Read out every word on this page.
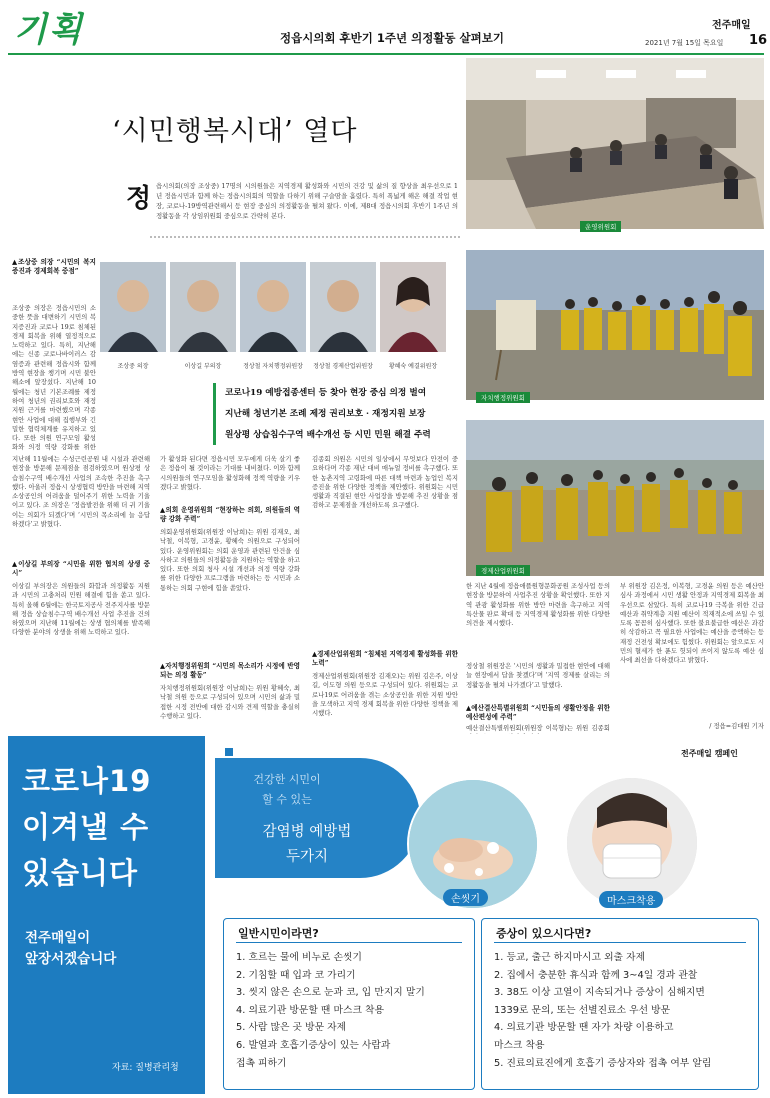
기획	정읍시의회 후반기 1주년 의정활동 살펴보기
전주매일
2021년 7월 15일 목요일 16
‘시민행복시대’ 열다
정 읍시의회(의장 조상중) 17명의 시의원들은 지역경제 활성화와 시민의 건강 및 삶의 질 향상을 최우선으로 1년 정읍시민과 함께 하는 정읍시의회의 역할을 다하기 위해 구슬땀을 흘렸다. 특히 폭넓게 해온 해결 작업 현장, 코로나-19방역관련해서 등 현장 중심의 의정활동을 펼쳐 왔다. 이에, 제8대 정읍시의회 후반기 1주년 의정활동을 각 상임위원회 중심으로 간략히 본다.
운영위원회
▲조상중 의장 “시민의 복지증진과 경제회복 중점”
조상중 의장은 정읍시민의 소중한 뜻을 대변하기 시민의 복지증진과 코로나 19로 침체된 경제 회복을 위해 열정적으로 노력하고 있다. 특히, 지난해에는 신종 코로나바이러스 감염증과 관련해 정읍시와 함께 방역 현장을 챙기며 시민 불안 해소에 앞장섰다. 지난해 10월에는 청년 기본조례를 제정하여 청년의 권리보호와 재정지원 근거를 마련했으며 각종 현안 사업에 대해 집행부와 긴밀한 협력체계를 유지하고 있다. 또한 의원 연구모임 활성화와 의정 역량 강화를 위한
지난해 11월에는 수성근린공원 내 시설과 관련해 현장을 방문해 문제점을 점검하였으며 원상평 상습침수구역 배수개선 사업의 조속한 추진을 촉구했다. 아울러 정읍시 상생협력 방안을 마련해 지역 소상공인의 어려움을 덜어주기 위한 노력을 기울이고 있다. 조 의장은 ‘정읍발전을 위해 더 귀 기울이는 의회가 되겠다’며 ‘시민의 목소리에 늘 응답하겠다’고 밝혔다.
▲이상길 부의장 “시민을 위한 협치의 상생 중시”
이상길 부의장은 의원들의 화합과 의정활동 지원과 시민의 고충처리 민원 해결에 힘을 쏟고 있다. 특히 올해 6월에는 한국토지공사 전주지사를 방문해 정읍 상습침수구역 배수개선 사업 추진을 건의하였으며 지난해 11월에는 상생 협의체를 발족해 다양한 분야의 상생을 위해 노력하고 있다.
조상중 의장	이상길 부의장	정상철 자치행정위원장	정상철 경제산업위원장	황혜숙 예결위원장
코로나19 예방접종센터 등 찾아 현장 중심 의정 벌여
지난해 청년기본 조례 제정 권리보호 · 재정지원 보장
원상평 상습침수구역 배수개선 등 시민 민원 해결 주력
가 활성화 된다면 정읍시민 모두에게 더욱 살기 좋은 정읍이 될 것이라는 기대를 내비쳤다. 이와 함께 시의원들의 연구모임을 활성화해 정책 역량을 키우겠다고 밝혔다.
▲의회 운영위원회 “현장하는 의회, 의원들의 역량 강화 주력”
의회운영위원회(위원장 이남희)는 위원 김재오, 최낙철, 이복형, 고경윤, 황혜숙 의원으로 구성되어 있다. 운영위원회는 의회 운영과 관련된 안건을 심사하고 의원들의 의정활동을 지원하는 역할을 하고 있다. 또한 의회 청사 시설 개선과 의정 역량 강화를 위한 다양한 프로그램을 마련하는 등 시민과 소통하는 의회 구현에 힘을 쏟았다.
▲자치행정위원회 “시민의 목소리가 시정에 반영되는 의정 활동”
자치행정위원회(위원장 이남희)는 위원 황혜숙, 최낙철 의원 등으로 구성되어 있으며 시민의 삶과 밀접한 시정 전반에 대한 감시와 견제 역할을 충실히 수행하고 있다.
김종회 의원은 시민의 일상에서 무엇보다 안전이 중요하다며 각종 재난 대비 매뉴얼 정비를 촉구했다. 또한 농촌지역 고령화에 따른 대책 마련과 농업인 복지 증진을 위한 다양한 정책을 제안했다. 위원회는 시민 생활과 직결된 현안 사업장을 방문해 추진 상황을 점검하고 문제점을 개선하도록 요구했다.
▲경제산업위원회 “침체된 지역경제 활성화를 위한 노력”
경제산업위원회(위원장 김재오)는 위원 김은주, 이상길, 이도형 의원 등으로 구성되어 있다. 위원회는 코로나19로 어려움을 겪는 소상공인을 위한 지원 방안을 모색하고 지역 경제 회복을 위한 다양한 정책을 제시했다.
자치행정위원회
경제산업위원회
한 지난 4월에 정읍애플원형문화공원 조성사업 등의 현장을 방문하여 사업추진 상황을 확인했다. 또한 지역 관광 활성화를 위한 방안 마련을 촉구하고 지역 특산물 판로 확대 등 지역경제 활성화를 위한 다양한 의견을 제시했다.
정상철 위원장은 ‘시민의 생활과 밀접한 현안에 대해 늘 현장에서 답을 찾겠다’며 ‘지역 경제를 살리는 의정활동을 펼쳐 나가겠다’고 말했다.
▲예산결산특별위원회 “시민들의 생활안정을 위한 예산편성에 주력”
예산결산특별위원회(위원장 이복형)는 위원 김종회
부 위원장 김은정, 이복형, 고경윤 의원 등은 예산안 심사 과정에서 시민 생활 안정과 지역경제 회복을 최우선으로 삼았다. 특히 코로나19 극복을 위한 긴급 예산과 취약계층 지원 예산이 적재적소에 쓰일 수 있도록 꼼꼼히 심사했다. 또한 불요불급한 예산은 과감히 삭감하고 꼭 필요한 사업에는 예산을 증액하는 등 재정 건전성 확보에도 힘썼다. 위원회는 앞으로도 시민의 혈세가 한 푼도 헛되이 쓰이지 않도록 예산 심사에 최선을 다하겠다고 밝혔다.
/ 정읍=김대원 기자
코로나19
이겨낼 수
있습니다
전주매일이
앞장서겠습니다
자료: 질병관리청
전주매일 캠페인
건강한 시민이
할 수 있는
감염병 예방법
두가지
손씻기	마스크착용
일반시민이라면?
1. 흐르는 물에 비누로 손씻기
2. 기침할 때 입과 코 가리기
3. 씻지 않은 손으로 눈과 코, 입 만지지 말기
4. 의료기관 방문할 땐 마스크 착용
5. 사람 많은 곳 방문 자제
6. 발열과 호흡기증상이 있는 사람과
접촉 피하기
증상이 있으시다면?
1. 등교, 출근 하지마시고 외출 자제
2. 집에서 충분한 휴식과 함께 3~4일 경과 관찰
3. 38도 이상 고열이 지속되거나 증상이 심해지면
1339로 문의, 또는 선별진료소 우선 방문
4. 의료기관 방문할 땐 자가 차량 이용하고
마스크 착용
5. 진료의료진에게 호흡기 증상자와 접촉 여부 알림
